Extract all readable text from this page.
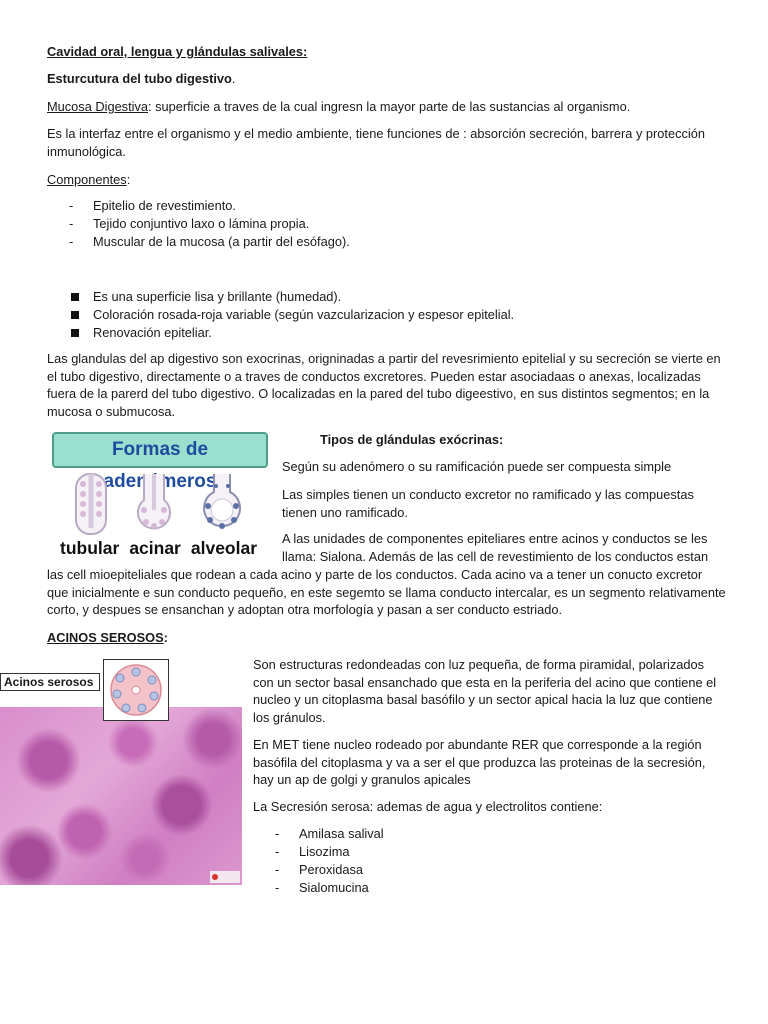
Cavidad oral, lengua y glándulas salivales:
Esturcutura del tubo digestivo.
Mucosa Digestiva: superficie a traves de la cual ingresn la mayor parte de las sustancias al organismo.
Es la interfaz entre el organismo y el medio ambiente, tiene funciones de : absorción secreción, barrera y protección inmunológica.
Componentes:
- Epitelio de revestimiento.
- Tejido conjuntivo laxo o lámina propia.
- Muscular de la mucosa (a partir del esófago).
Es una superficie lisa y brillante (humedad).
Coloración rosada-roja variable (según vazcularizacion y espesor epitelial.
Renovación epiteliar.
Las glandulas del ap digestivo son exocrinas, origninadas a partir del revesrimiento epitelial y su secreción se vierte en el tubo digestivo, directamente o a traves de conductos excretores. Pueden estar asociadaas o anexas, localizadas fuera de la parerd del tubo digestivo. O localizadas en la pared del tubo digeestivo, en sus distintos segmentos; en la mucosa o submucosa.
Formas de
tubular acinar alveolar
Tipos de glándulas exócrinas:
Según su adenómero o su ramificación puede ser compuesta simple
Las simples tienen un conducto excretor no ramificado y las compuestas tienen uno ramificado.
A las unidades de componentes epiteliares entre acinos y conductos se les llama: Sialona. Además de las cell de revestimiento de los conductos estan
las cell mioepiteliales que rodean a cada acino y parte de los conductos. Cada acino va a tener un conucto excretor que inicialmente e sun conducto pequeño, en este segemto se llama conducto intercalar, es un segmento relativamente corto, y despues se ensanchan y adoptan otra morfología y pasan a ser conducto estriado.
ACINOS SEROSOS:
Acinos serosos
Son estructuras redondeadas con luz pequeña, de forma piramidal, polarizados con un sector basal ensanchado que esta en la periferia del acino que contiene el nucleo y un citoplasma basal basófilo y un sector apical hacia la luz que contiene los gránulos.
En MET tiene nucleo rodeado por abundante RER que corresponde a la región basófila del citoplasma y va a ser el que produzca las proteinas de la secresión, hay un ap de golgi y granulos apicales
La Secresión serosa: ademas de agua y electrolitos contiene:
- Amilasa salival
- Lisozima
- Peroxidasa
- Sialomucina
